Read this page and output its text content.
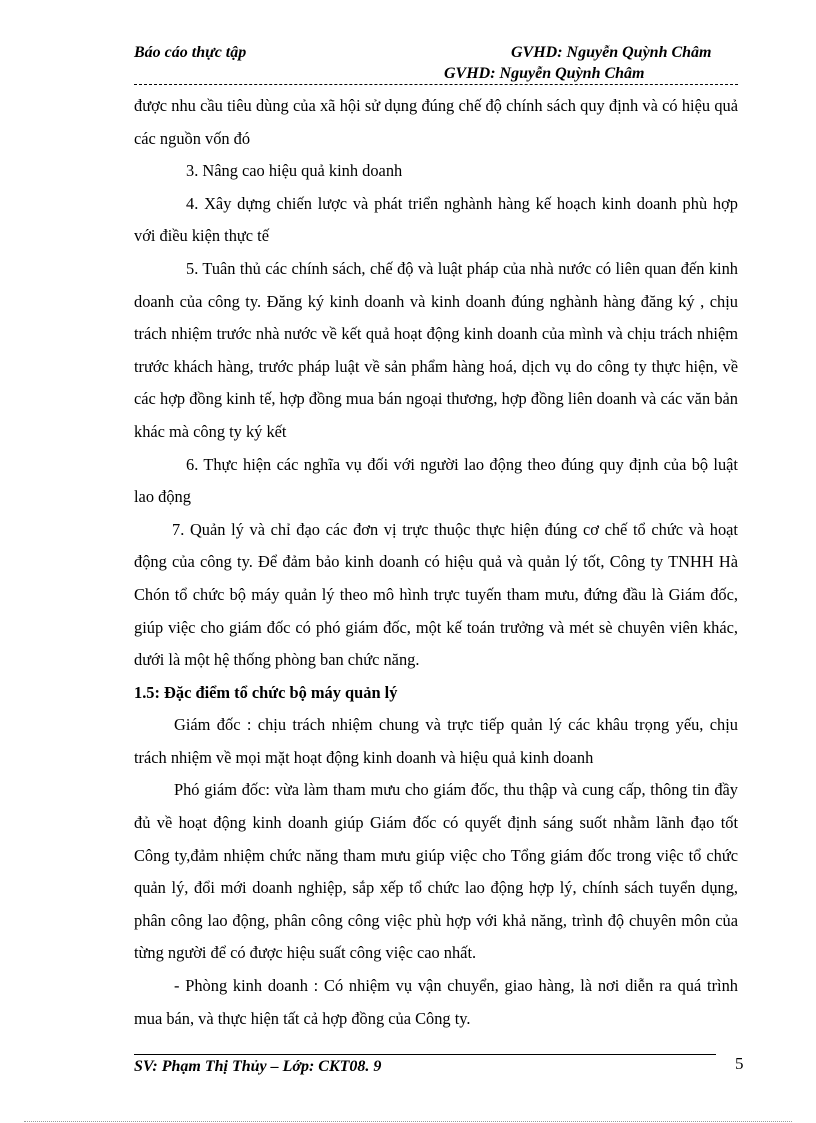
Báo cáo thực tập	GVHD: Nguyễn Quỳnh Châm
GVHD: Nguyễn Quỳnh Châm

được nhu cầu tiêu dùng của xã hội sử dụng đúng chế độ chính sách quy định và có hiệu quả các nguồn vốn đó

3. Nâng cao hiệu quả kinh doanh

4. Xây dựng chiến lược và phát triển nghành hàng kế hoạch kinh doanh phù hợp với điều kiện thực tế

5. Tuân thủ các chính sách, chế độ và luật pháp của nhà nước có liên quan đến kinh doanh của công ty. Đăng ký kinh doanh và kinh doanh đúng nghành hàng đăng ký , chịu trách nhiệm trước nhà nước về kết quả hoạt động kinh doanh của mình và chịu trách nhiệm trước khách hàng, trước pháp luật về sản phẩm hàng hoá, dịch vụ do công ty thực hiện, về các hợp đồng kinh tế, hợp đồng mua bán ngoại thương, hợp đồng liên doanh và các văn bản khác mà công ty ký kết

6. Thực hiện các nghĩa vụ đối với người lao động theo đúng quy định của bộ luật lao động

7. Quản lý và chỉ đạo các đơn vị trực thuộc thực hiện đúng cơ chế tổ chức và hoạt động của công ty. Để đảm bảo kinh doanh có hiệu quả và quản lý tốt, Công ty TNHH Hà Chón tổ chức bộ máy quản lý theo mô hình trực tuyến tham mưu, đứng đầu là Giám đốc, giúp việc cho giám đốc có phó giám đốc, một kế toán trưởng và mét sè chuyên viên khác, dưới là một hệ thống phòng ban chức năng.

1.5: Đặc điểm tổ chức bộ máy quản lý

Giám đốc : chịu trách nhiệm chung và trực tiếp quản lý các khâu trọng yếu, chịu trách nhiệm về mọi mặt hoạt động kinh doanh và hiệu quả kinh doanh

Phó giám đốc: vừa làm tham mưu cho giám đốc, thu thập và cung cấp, thông tin đầy đủ về hoạt động kinh doanh giúp Giám đốc có quyết định sáng suốt nhằm lãnh đạo tốt Công ty,đảm nhiệm chức năng tham mưu giúp việc cho Tổng giám đốc trong việc tổ chức quản lý, đổi mới doanh nghiệp, sắp xếp tổ chức lao động hợp lý, chính sách tuyển dụng, phân công lao động, phân công công việc phù hợp với khả năng, trình độ chuyên môn của từng người để có được hiệu suất công việc cao nhất.

- Phòng kinh doanh : Có nhiệm vụ vận chuyển, giao hàng, là nơi diễn ra quá trình mua bán, và thực hiện tất cả hợp đồng của Công ty.

SV: Phạm Thị Thủy – Lớp: CKT08. 9	5
